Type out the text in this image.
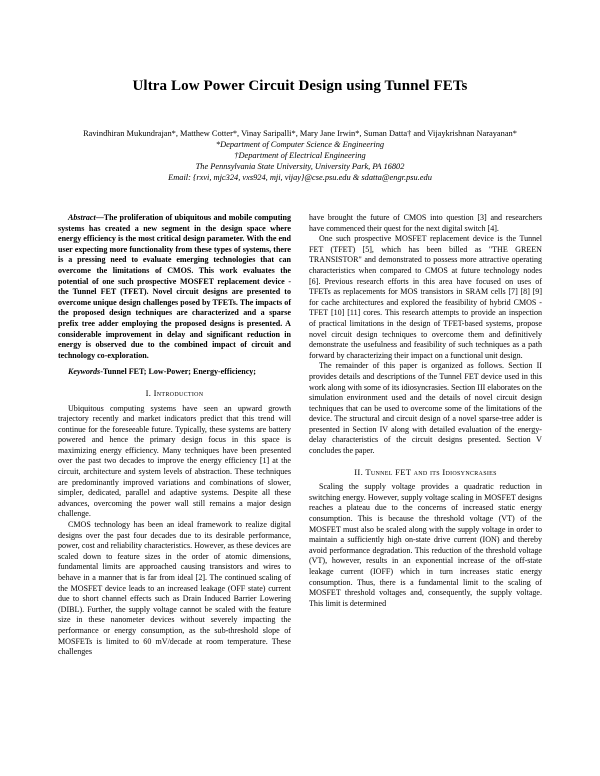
Ultra Low Power Circuit Design using Tunnel FETs
Ravindhiran Mukundrajan*, Matthew Cotter*, Vinay Saripalli*, Mary Jane Irwin*, Suman Datta† and Vijaykrishnan Narayanan*
*Department of Computer Science & Engineering
†Department of Electrical Engineering
The Pennsylvania State University, University Park, PA 16802
Email: {rxvi, mjc324, vxs924, mji, vijay}@cse.psu.edu & sdatta@engr.psu.edu

Abstract—The proliferation of ubiquitous and mobile computing systems has created a new segment in the design space where energy efficiency is the most critical design parameter. With the end user expecting more functionality from these types of systems, there is a pressing need to evaluate emerging technologies that can overcome the limitations of CMOS. This work evaluates the potential of one such prospective MOSFET replacement device - the Tunnel FET (TFET). Novel circuit designs are presented to overcome unique design challenges posed by TFETs. The impacts of the proposed design techniques are characterized and a sparse prefix tree adder employing the proposed designs is presented. A considerable improvement in delay and significant reduction in energy is observed due to the combined impact of circuit and technology co-exploration.

Keywords-Tunnel FET; Low-Power; Energy-efficiency;

I. Introduction

Ubiquitous computing systems have seen an upward growth trajectory recently and market indicators predict that this trend will continue for the foreseeable future. Typically, these systems are battery powered and hence the primary design focus in this space is maximizing energy efficiency. Many techniques have been presented over the past two decades to improve the energy efficiency [1] at the circuit, architecture and system levels of abstraction. These techniques are predominantly improved variations and combinations of slower, simpler, dedicated, parallel and adaptive systems. Despite all these advances, overcoming the power wall still remains a major design challenge.

CMOS technology has been an ideal framework to realize digital designs over the past four decades due to its desirable performance, power, cost and reliability characteristics. However, as these devices are scaled down to feature sizes in the order of atomic dimensions, fundamental limits are approached causing transistors and wires to behave in a manner that is far from ideal [2]. The continued scaling of the MOSFET device leads to an increased leakage (OFF state) current due to short channel effects such as Drain Induced Barrier Lowering (DIBL). Further, the supply voltage cannot be scaled with the feature size in these nanometer devices without severely impacting the performance or energy consumption, as the sub-threshold slope of MOSFETs is limited to 60 mV/decade at room temperature. These challenges

have brought the future of CMOS into question [3] and researchers have commenced their quest for the next digital switch [4].

One such prospective MOSFET replacement device is the Tunnel FET (TFET) [5], which has been billed as "THE GREEN TRANSISTOR" and demonstrated to possess more attractive operating characteristics when compared to CMOS at future technology nodes [6]. Previous research efforts in this area have focused on uses of TFETs as replacements for MOS transistors in SRAM cells [7] [8] [9] for cache architectures and explored the feasibility of hybrid CMOS - TFET [10] [11] cores. This research attempts to provide an inspection of practical limitations in the design of TFET-based systems, propose novel circuit design techniques to overcome them and definitively demonstrate the usefulness and feasibility of such techniques as a path forward by characterizing their impact on a functional unit design.

The remainder of this paper is organized as follows. Section II provides details and descriptions of the Tunnel FET device used in this work along with some of its idiosyncrasies. Section III elaborates on the simulation environment used and the details of novel circuit design techniques that can be used to overcome some of the limitations of the device. The structural and circuit design of a novel sparse-tree adder is presented in Section IV along with detailed evaluation of the energy-delay characteristics of the circuit designs presented. Section V concludes the paper.

II. Tunnel FET and its Idiosyncrasies

Scaling the supply voltage provides a quadratic reduction in switching energy. However, supply voltage scaling in MOSFET designs reaches a plateau due to the concerns of increased static energy consumption. This is because the threshold voltage (VT) of the MOSFET must also be scaled along with the supply voltage in order to maintain a sufficiently high on-state drive current (ION) and thereby avoid performance degradation. This reduction of the threshold voltage (VT), however, results in an exponential increase of the off-state leakage current (IOFF) which in turn increases static energy consumption. Thus, there is a fundamental limit to the scaling of MOSFET threshold voltages and, consequently, the supply voltage. This limit is determined
